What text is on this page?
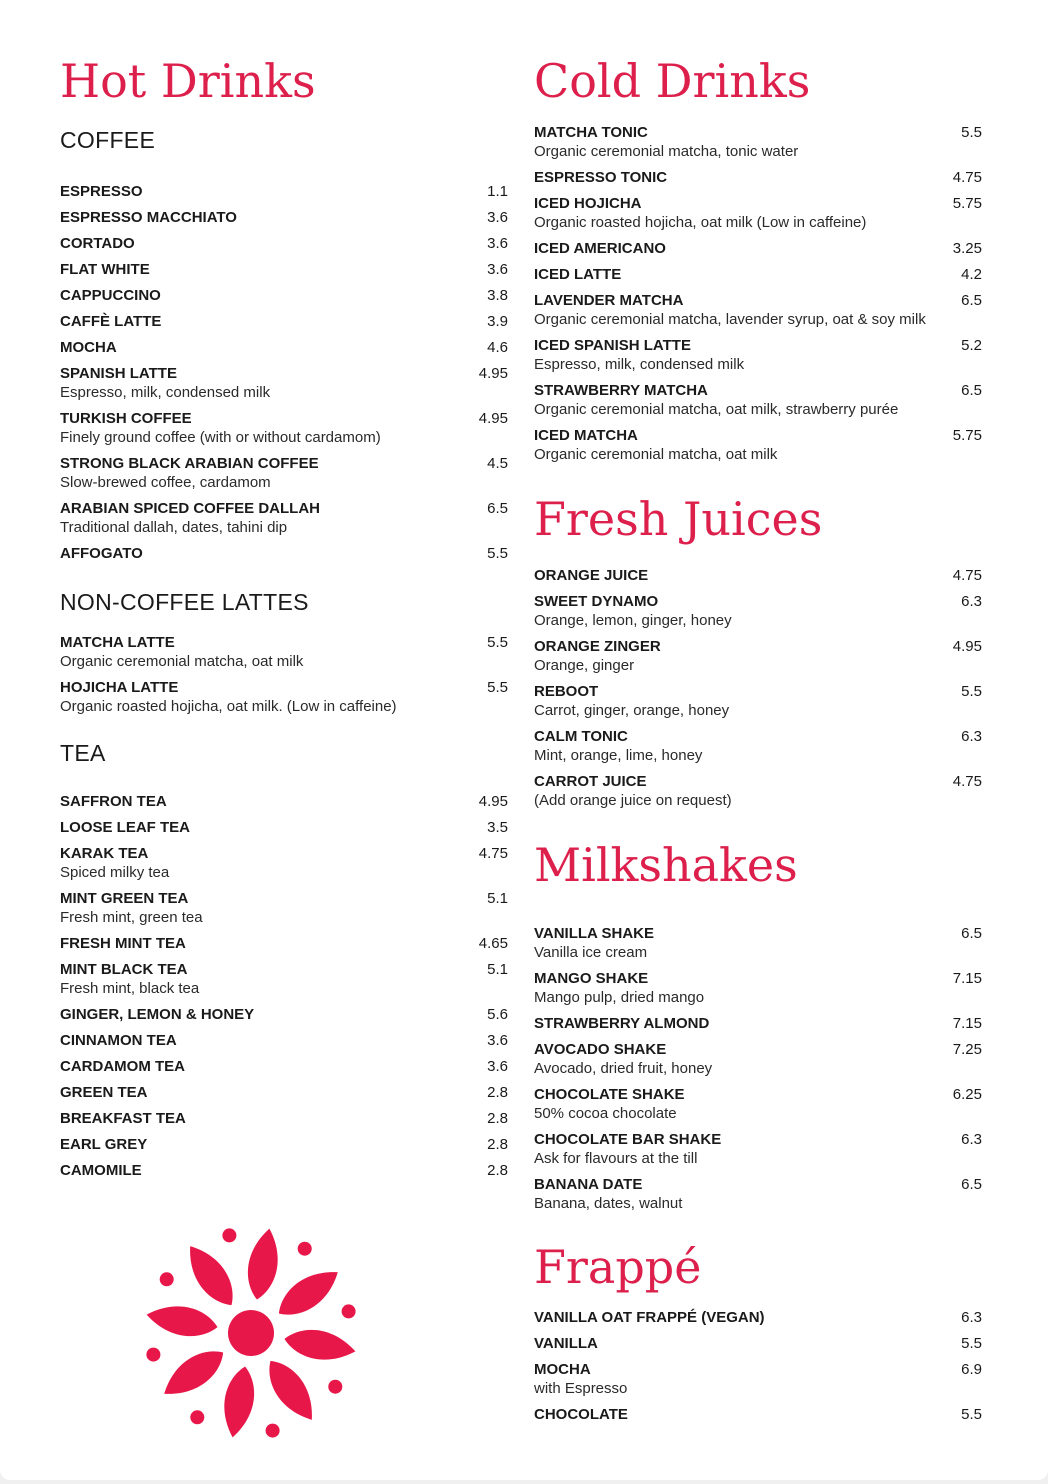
Hot Drinks
COFFEE
ESPRESSO	1.1
ESPRESSO MACCHIATO	3.6
CORTADO	3.6
FLAT WHITE	3.6
CAPPUCCINO	3.8
CAFFÈ LATTE	3.9
MOCHA	4.6
SPANISH LATTE	4.95
Espresso, milk, condensed milk
TURKISH COFFEE	4.95
Finely ground coffee (with or without cardamom)
STRONG BLACK ARABIAN COFFEE	4.5
Slow-brewed coffee, cardamom
ARABIAN SPICED COFFEE DALLAH	6.5
Traditional dallah, dates, tahini dip
AFFOGATO	5.5
NON-COFFEE LATTES
MATCHA LATTE	5.5
Organic ceremonial matcha, oat milk
HOJICHA LATTE	5.5
Organic roasted hojicha, oat milk. (Low in caffeine)
TEA
SAFFRON TEA	4.95
LOOSE LEAF TEA	3.5
KARAK TEA	4.75
Spiced milky tea
MINT GREEN TEA	5.1
Fresh mint, green tea
FRESH MINT TEA	4.65
MINT BLACK TEA	5.1
Fresh mint, black tea
GINGER, LEMON & HONEY	5.6
CINNAMON TEA	3.6
CARDAMOM TEA	3.6
GREEN TEA	2.8
BREAKFAST TEA	2.8
EARL GREY	2.8
CAMOMILE	2.8
Cold Drinks
MATCHA TONIC	5.5
Organic ceremonial matcha, tonic water
ESPRESSO TONIC	4.75
ICED HOJICHA	5.75
Organic roasted hojicha, oat milk (Low in caffeine)
ICED AMERICANO	3.25
ICED LATTE	4.2
LAVENDER MATCHA	6.5
Organic ceremonial matcha, lavender syrup, oat & soy milk
ICED SPANISH LATTE	5.2
Espresso, milk, condensed milk
STRAWBERRY MATCHA	6.5
Organic ceremonial matcha, oat milk, strawberry purée
ICED MATCHA	5.75
Organic ceremonial matcha, oat milk
Fresh Juices
ORANGE JUICE	4.75
SWEET DYNAMO	6.3
Orange, lemon, ginger, honey
ORANGE ZINGER	4.95
Orange, ginger
REBOOT	5.5
Carrot, ginger, orange, honey
CALM TONIC	6.3
Mint, orange, lime, honey
CARROT JUICE	4.75
(Add orange juice on request)
Milkshakes
VANILLA SHAKE	6.5
Vanilla ice cream
MANGO SHAKE	7.15
Mango pulp, dried mango
STRAWBERRY ALMOND	7.15
AVOCADO SHAKE	7.25
Avocado, dried fruit, honey
CHOCOLATE SHAKE	6.25
50% cocoa chocolate
CHOCOLATE BAR SHAKE	6.3
Ask for flavours at the till
BANANA DATE	6.5
Banana, dates, walnut
Frappé
VANILLA OAT FRAPPÉ (VEGAN)	6.3
VANILLA	5.5
MOCHA	6.9
with Espresso
CHOCOLATE	5.5
